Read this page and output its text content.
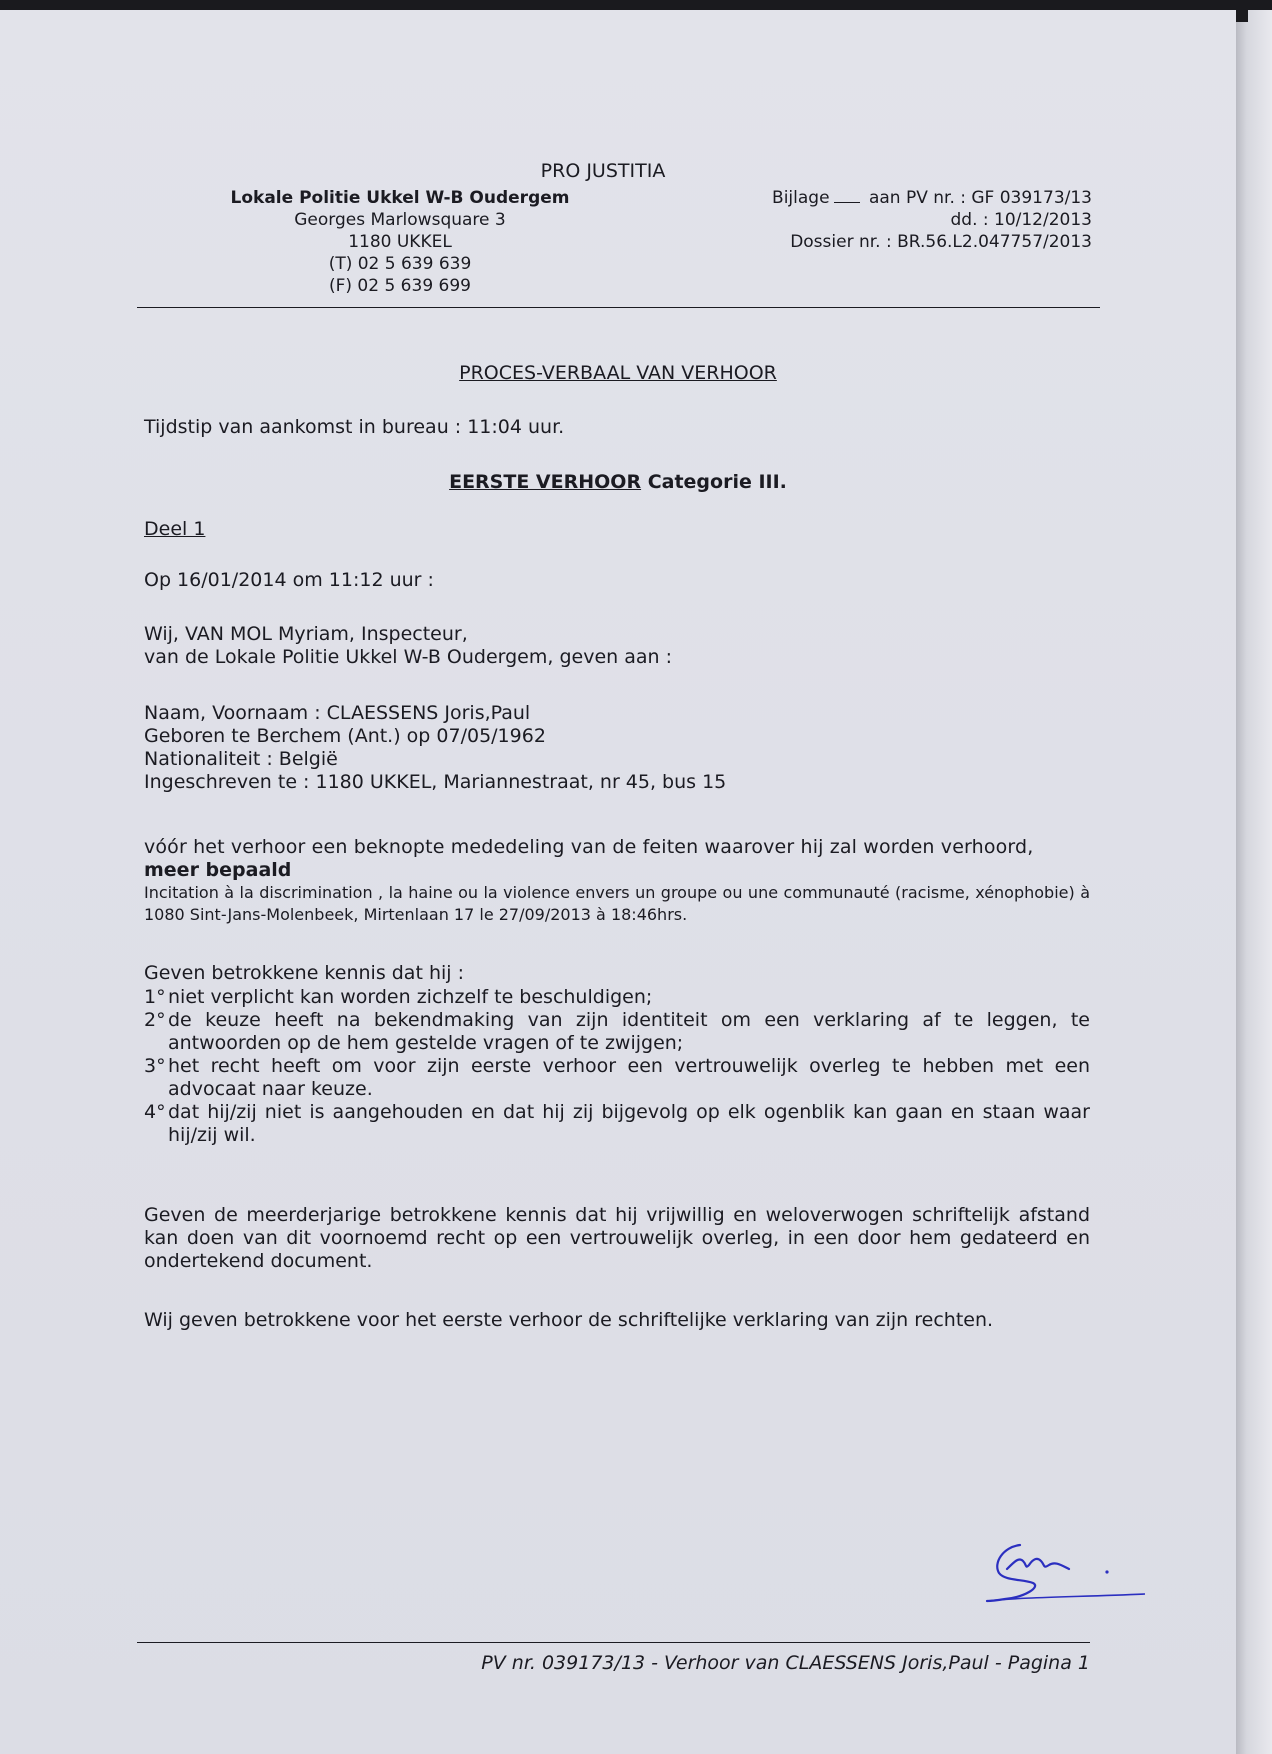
PRO JUSTITIA
Lokale Politie Ukkel W-B Oudergem
Georges Marlowsquare 3
1180 UKKEL
(T) 02 5 639 639
(F) 02 5 639 699
Bijlage aan PV nr. : GF 039173/13
dd. : 10/12/2013
Dossier nr. : BR.56.L2.047757/2013
PROCES-VERBAAL VAN VERHOOR
Tijdstip van aankomst in bureau : 11:04 uur.
EERSTE VERHOOR Categorie III.
Deel 1
Op 16/01/2014 om 11:12 uur :
Wij, VAN MOL Myriam, Inspecteur,
van de Lokale Politie Ukkel W-B Oudergem, geven aan :
Naam, Voornaam : CLAESSENS Joris,Paul
Geboren te Berchem (Ant.) op 07/05/1962
Nationaliteit : België
Ingeschreven te : 1180 UKKEL, Mariannestraat, nr 45, bus 15
vóór het verhoor een beknopte mededeling van de feiten waarover hij zal worden verhoord,
meer bepaald
Incitation à la discrimination , la haine ou la violence envers un groupe ou une communauté (racisme, xénophobie) à 1080 Sint-Jans-Molenbeek, Mirtenlaan 17 le 27/09/2013 à 18:46hrs.
Geven betrokkene kennis dat hij :

1° niet verplicht kan worden zichzelf te beschuldigen;

2° de keuze heeft na bekendmaking van zijn identiteit om een verklaring af te leggen, te antwoorden op de hem gestelde vragen of te zwijgen;

3° het recht heeft om voor zijn eerste verhoor een vertrouwelijk overleg te hebben met een advocaat naar keuze.

4° dat hij/zij niet is aangehouden en dat hij zij bijgevolg op elk ogenblik kan gaan en staan waar hij/zij wil.

Geven de meerderjarige betrokkene kennis dat hij vrijwillig en weloverwogen schriftelijk afstand kan doen van dit voornoemd recht op een vertrouwelijk overleg, in een door hem gedateerd en ondertekend document.
Wij geven betrokkene voor het eerste verhoor de schriftelijke verklaring van zijn rechten.
PV nr. 039173/13 - Verhoor van CLAESSENS Joris,Paul - Pagina 1
